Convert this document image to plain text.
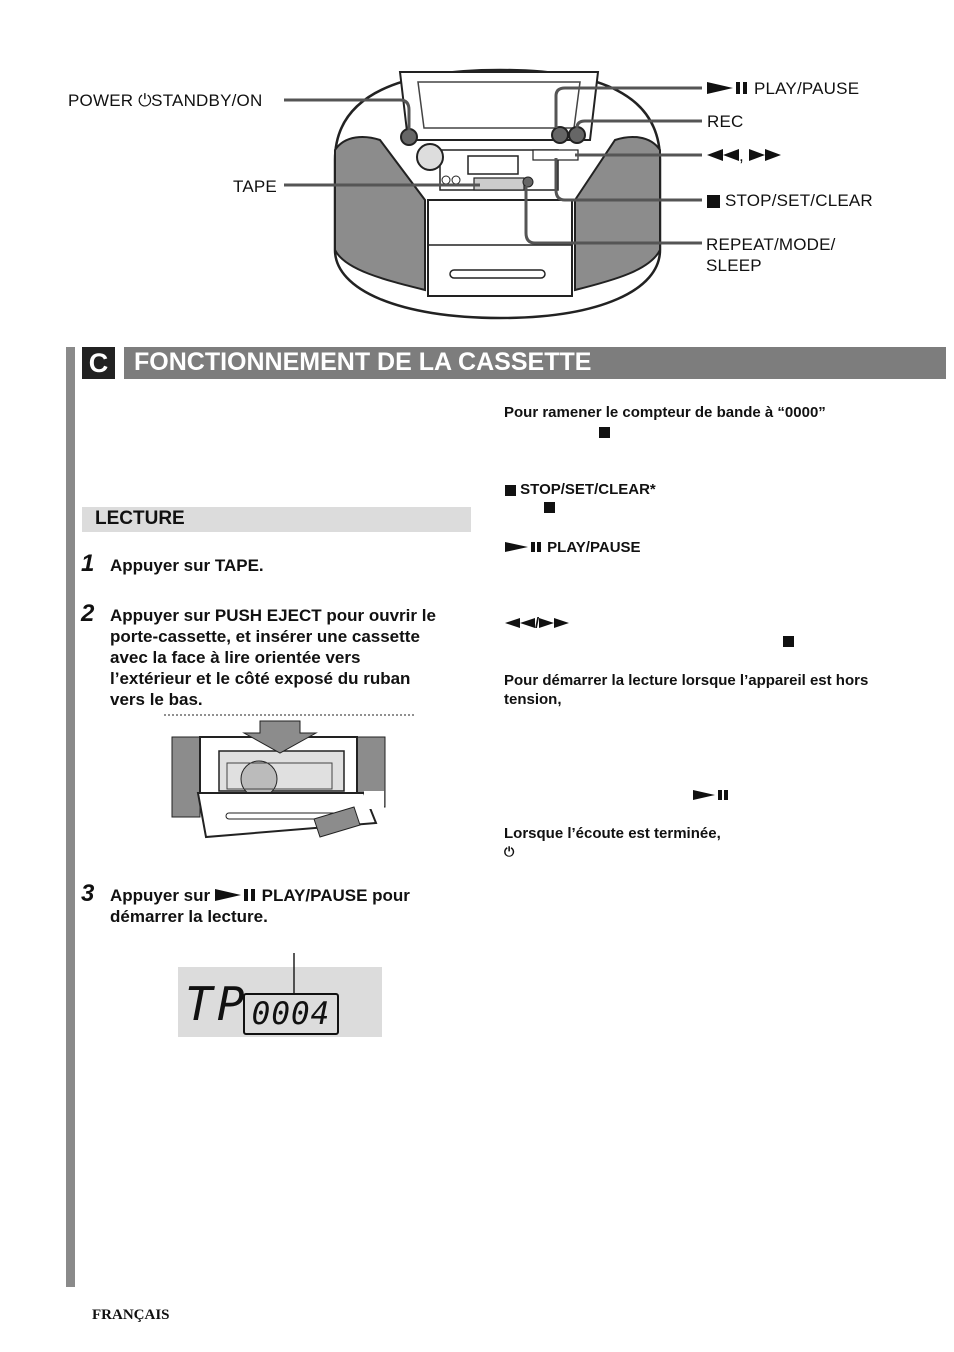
POWER ⏻STANDBY/ON
TAPE
PLAY/PAUSE
REC
,
STOP/SET/CLEAR
REPEAT/MODE/
SLEEP
C FONCTIONNEMENT DE LA CASSETTE
LECTURE
1 Appuyer sur TAPE.
2 Appuyer sur PUSH EJECT pour ouvrir le
porte-cassette, et insérer une cassette
avec la face à lire orientée vers
l’extérieur et le côté exposé du ruban
vers le bas.
3 Appuyer sur	PLAY/PAUSE pour
démarrer la lecture.
TP 0004
Pour ramener le compteur de bande à “0000”
STOP/SET/CLEAR*
PLAY/PAUSE
/
Pour démarrer la lecture lorsque l’appareil est hors
tension,
Lorsque l’écoute est terminée,
⏻
FRANÇAIS
